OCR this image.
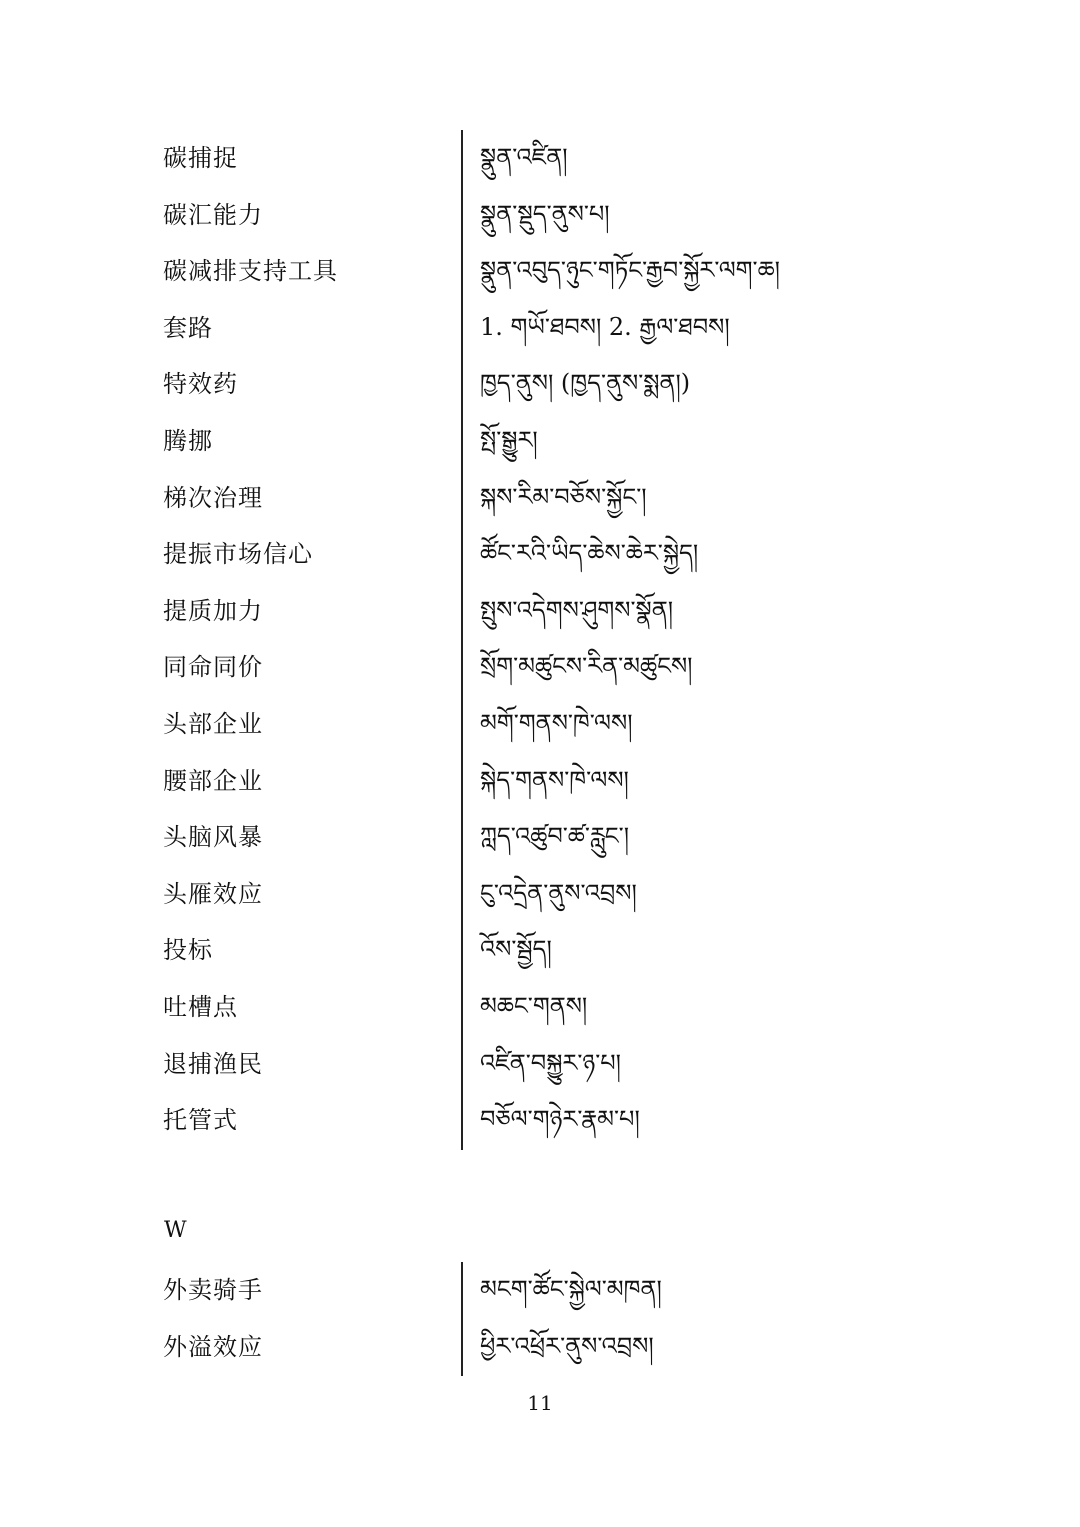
碳捕捉	སྣུན་འཛིན།
碳汇能力	སྣུན་སྡུད་ནུས་པ།
碳减排支持工具	སྣུན་འབུད་ཉུང་གཏོང་རྒྱབ་སྐྱོར་ལག་ཆ།
套路	1. གཡོ་ཐབས། 2. རྒྱལ་ཐབས།
特效药	ཁྱད་ནུས། (ཁྱད་ནུས་སྨན།)
腾挪	སྤོ་སྒྱུར།
梯次治理	སྐས་རིམ་བཅོས་སྐྱོང་།
提振市场信心	ཚོང་རའི་ཡིད་ཆེས་ཆེར་སྐྱེད།
提质加力	སྤུས་འདེགས་ཤུགས་སྣོན།
同命同价	སྲོག་མཚུངས་རིན་མཚུངས།
头部企业	མགོ་གནས་ཁེ་ལས།
腰部企业	སྐེད་གནས་ཁེ་ལས།
头脑风暴	ཀླད་འཚུབ་ཚ་རླུང་།
头雁效应	ངུ་འདྲེན་ནུས་འབྲས།
投标	འོས་སྦྱོད།
吐槽点	མཆང་གནས།
退捕渔民	འཛིན་བསྐྱུར་ཉ་པ།
托管式	བཅོལ་གཉེར་རྣམ་པ།
W
外卖骑手	མངག་ཚོང་སྐྱེལ་མཁན།
外溢效应	ཕྱིར་འཕྲོར་ནུས་འབྲས།
11
